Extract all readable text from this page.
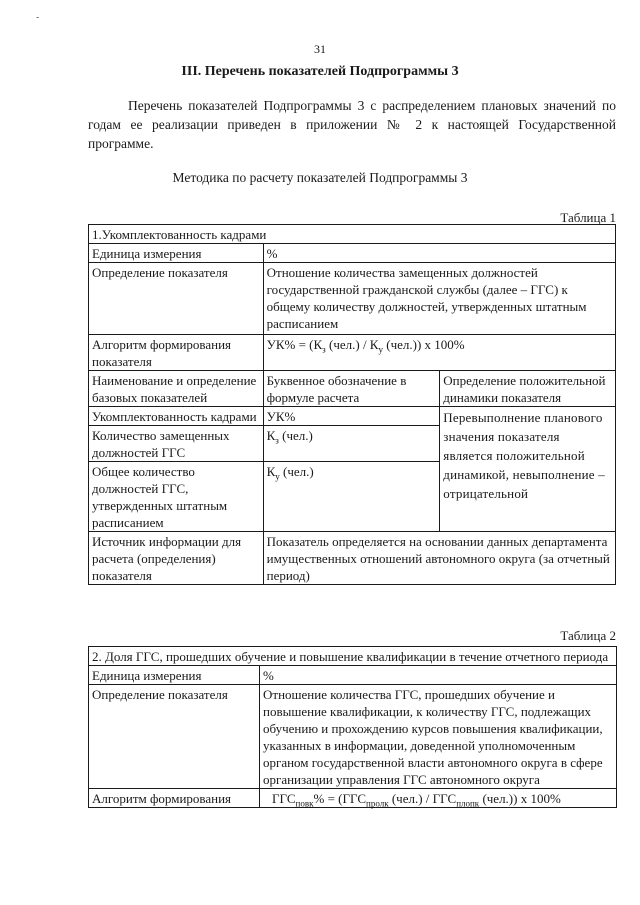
-
31
III. Перечень показателей Подпрограммы 3
Перечень показателей Подпрограммы 3 с распределением плановых значений по годам ее реализации приведен в приложении № 2 к настоящей Государственной программе.
Методика по расчету показателей Подпрограммы 3
Таблица 1
1.Укомплектованность кадрами		
Единица измерения	%	
Определение показателя	Отношение количества замещенных должностей государственной гражданской службы (далее – ГГС) к общему количеству должностей, утвержденных штатным расписанием	
Алгоритм формирования показателя	$УК\% = (К_з$ $(чел.) / К_у$ (чел.)) х 100%	
Наименование и определение базовых показателей	Буквенное обозначение в формуле расчета	Определение положительной динамики показателя
Укомплектованность кадрами	УК%	Перевыполнение планового значения показателя является положительной динамикой, невыполнение – отрицательной
Количество замещенных должностей ГГС	$К_з$ (чел.)	
Общее количество должностей ГГС, утвержденных штатным расписанием	$К_у$ (чел.)	
Источник информации для расчета (определения) показателя	Показатель определяется на основании данных департамента имущественных отношений автономного округа (за отчетный период)	
Таблица 2
2. Доля ГГС, прошедших обучение и повышение квалификации в течение отчетного периода	
Единица измерения	%
Определение показателя	Отношение количества ГГС, прошедших обучение и повышение квалификации, к количеству ГГС, подлежащих обучению и прохождению курсов повышения квалификации, указанных в информации, доведенной уполномоченным органом государственной власти автономного округа в сфере организации управления ГГС автономного округа
Алгоритм формирования	$ГГС_{повк}\% = (ГГС_{пролк}$ $(чел.) / ГГС_{плопк}$ (чел.)) х 100%
